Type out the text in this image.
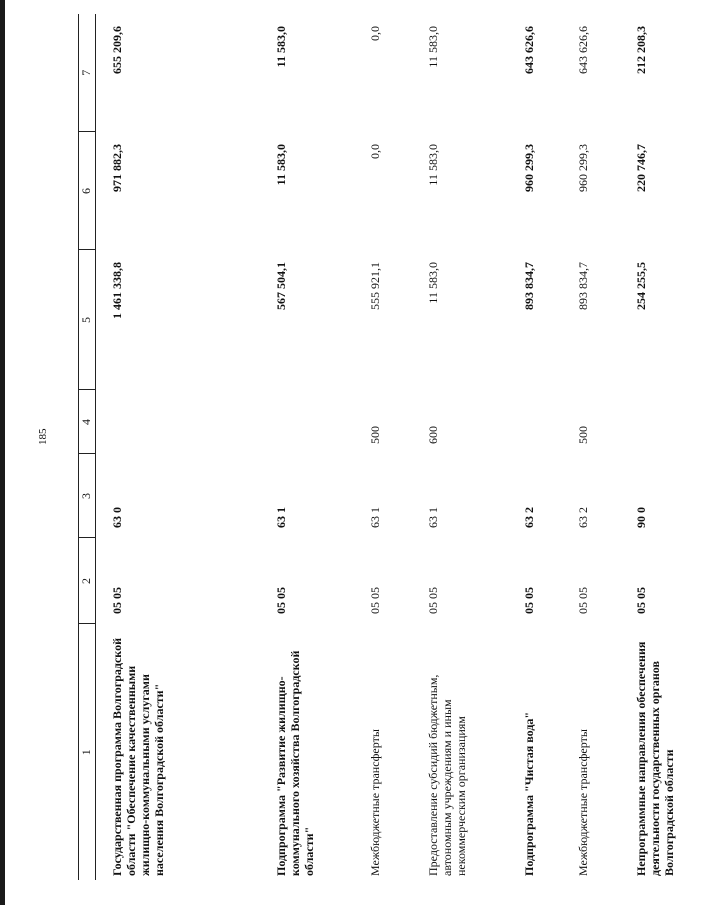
185
1	2	3	4	5	6	7
Государственная программа Волгоградской области "Обеспечение качественными жилищно-коммунальными услугами населения Волгоградской области"	05 05	63 0		1 461 338,8	971 882,3	655 209,6
Подпрограмма "Развитие жилищно-коммунального хозяйства Волгоградской области"	05 05	63 1		567 504,1	11 583,0	11 583,0
Межбюджетные трансферты	05 05	63 1	500	555 921,1	0,0	0,0
Предоставление субсидий бюджетным, автономным учреждениям и иным некоммерческим организациям	05 05	63 1	600	11 583,0	11 583,0	11 583,0
Подпрограмма "Чистая вода"	05 05	63 2		893 834,7	960 299,3	643 626,6
Межбюджетные трансферты	05 05	63 2	500	893 834,7	960 299,3	643 626,6
Непрограммные направления обеспечения деятельности государственных органов Волгоградской области	05 05	90 0		254 255,5	220 746,7	212 208,3
